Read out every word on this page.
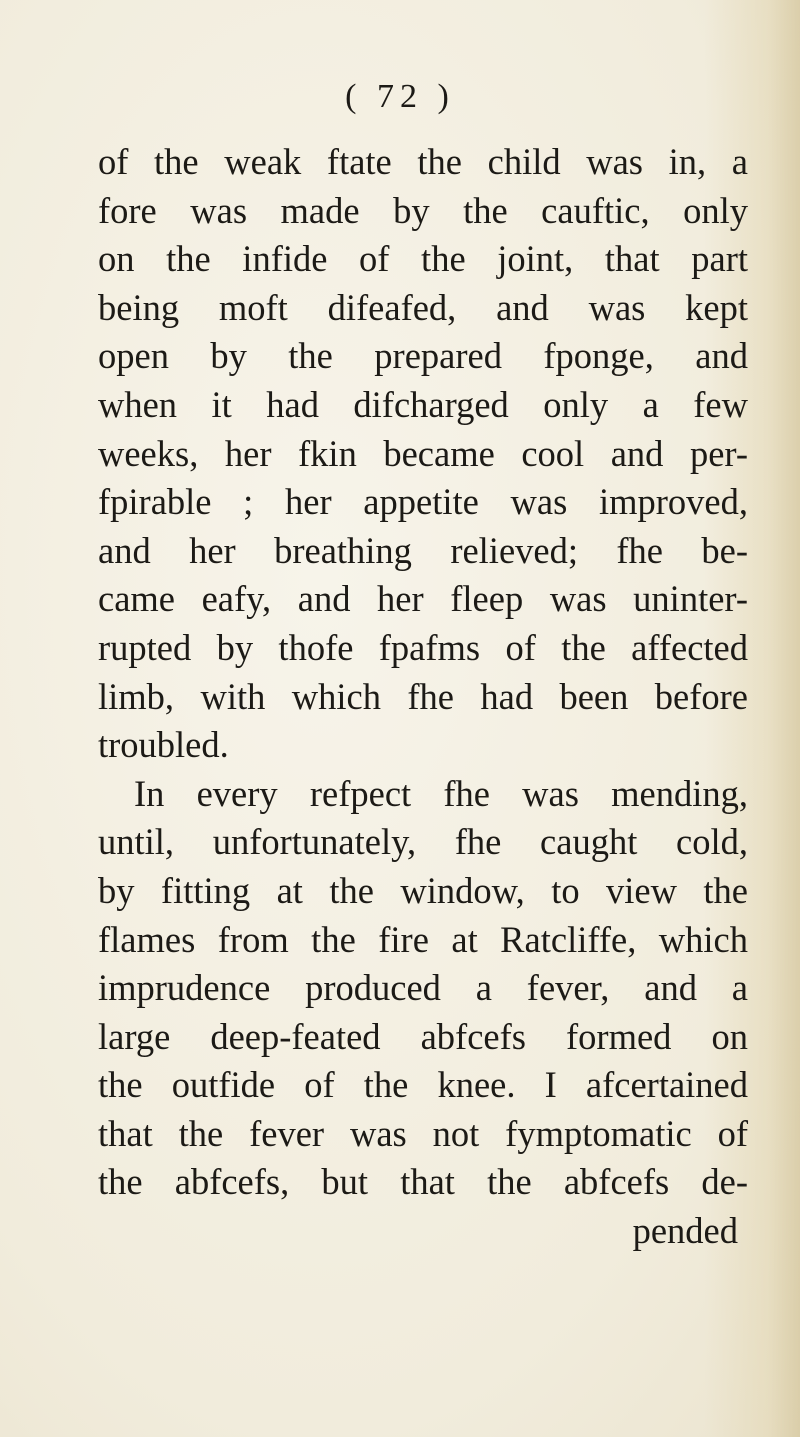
( 72 )
of the weak ftate the child was in, a
fore was made by the cauftic, only
on the infide of the joint, that part
being moft difeafed, and was kept
open by the prepared fponge, and
when it had difcharged only a few
weeks, her fkin became cool and per-
fpirable ; her appetite was improved,
and her breathing relieved; fhe be-
came eafy, and her fleep was uninter-
rupted by thofe fpafms of the affected
limb, with which fhe had been before
troubled.
In every refpect fhe was mending,
until, unfortunately, fhe caught cold,
by fitting at the window, to view the
flames from the fire at Ratcliffe, which
imprudence produced a fever, and a
large deep-feated abfcefs formed on
the outfide of the knee. I afcertained
that the fever was not fymptomatic of
the abfcefs, but that the abfcefs de-
pended
